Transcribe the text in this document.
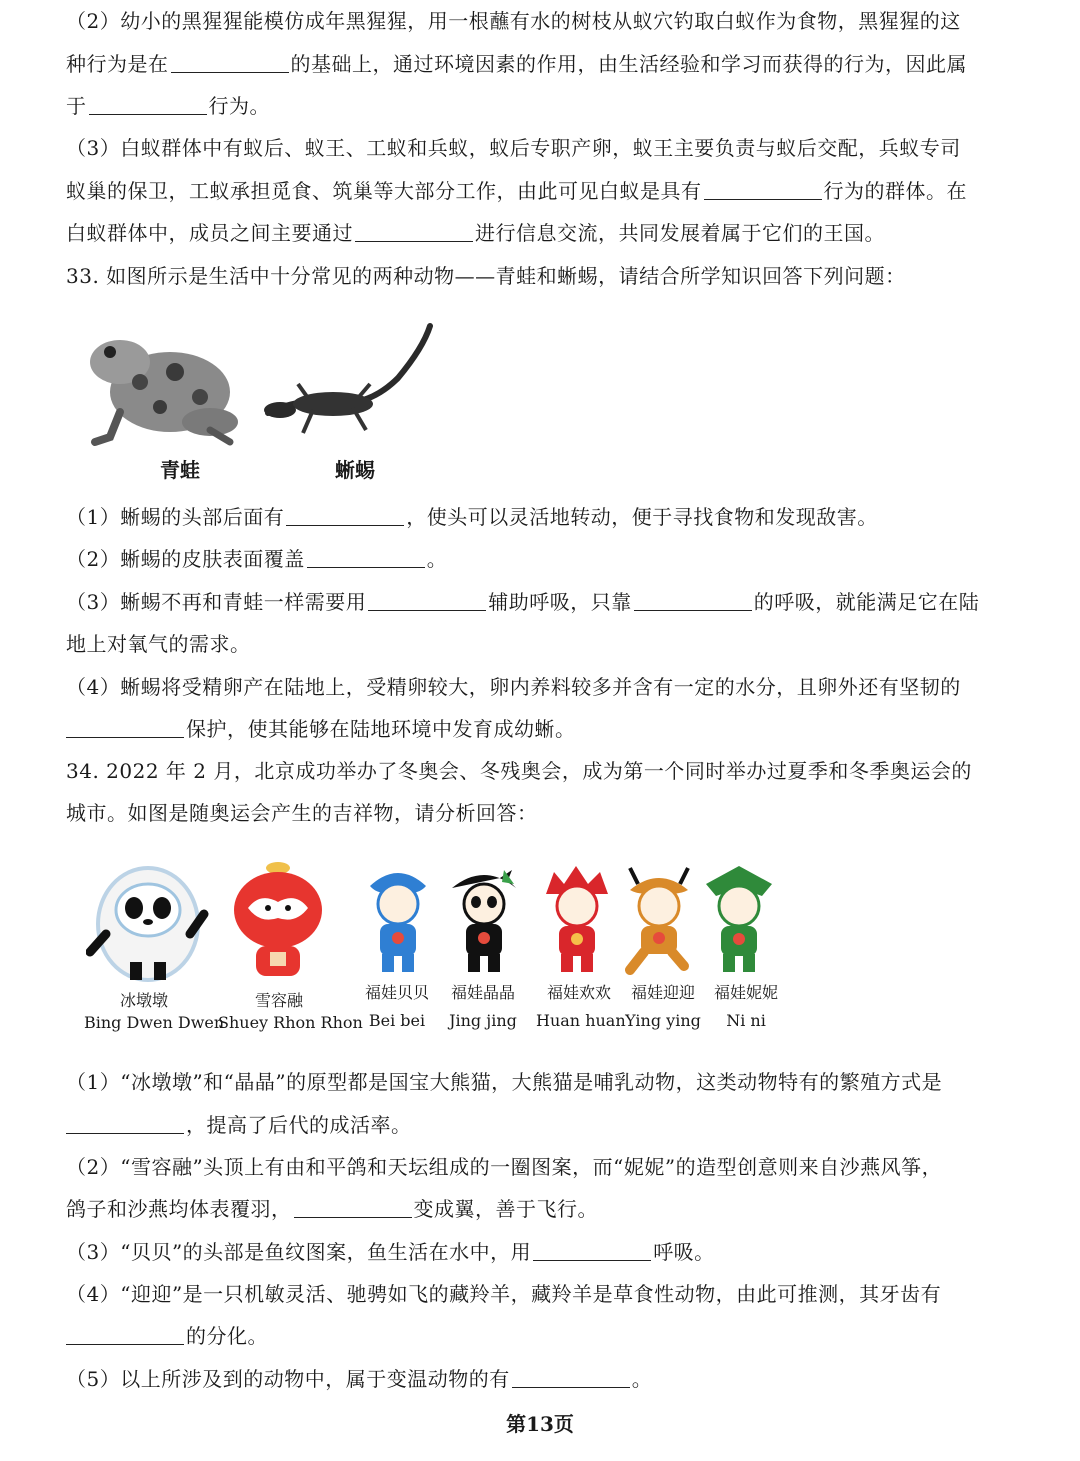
（2）幼小的黑猩猩能模仿成年黑猩猩，用一根蘸有水的树枝从蚁穴钓取白蚁作为食物，黑猩猩的这
种行为是在	的基础上，通过环境因素的作用，由生活经验和学习而获得的行为，因此属
于	行为。
（3）白蚁群体中有蚁后、蚁王、工蚁和兵蚁，蚁后专职产卵，蚁王主要负责与蚁后交配，兵蚁专司
蚁巢的保卫，工蚁承担觅食、筑巢等大部分工作，由此可见白蚁是具有	行为的群体。在
白蚁群体中，成员之间主要通过	进行信息交流，共同发展着属于它们的王国。
33. 如图所示是生活中十分常见的两种动物——青蛙和蜥蜴，请结合所学知识回答下列问题：
青蛙	蜥蜴
（1）蜥蜴的头部后面有	，使头可以灵活地转动，便于寻找食物和发现敌害。
（2）蜥蜴的皮肤表面覆盖	。
（3）蜥蜴不再和青蛙一样需要用	辅助呼吸，只靠	的呼吸，就能满足它在陆
地上对氧气的需求。
（4）蜥蜴将受精卵产在陆地上，受精卵较大，卵内养料较多并含有一定的水分，且卵外还有坚韧的
保护，使其能够在陆地环境中发育成幼蜥。
34. 2022 年 2 月，北京成功举办了冬奥会、冬残奥会，成为第一个同时举办过夏季和冬季奥运会的
城市。如图是随奥运会产生的吉祥物，请分析回答：
冰墩墩
Bing Dwen Dwen
雪容融
Shuey Rhon Rhon
福娃贝贝
Bei bei
福娃晶晶
Jing jing
福娃欢欢
Huan huan
福娃迎迎
Ying ying
福娃妮妮
Ni ni
（1）“冰墩墩”和“晶晶”的原型都是国宝大熊猫，大熊猫是哺乳动物，这类动物特有的繁殖方式是
，提高了后代的成活率。
（2）“雪容融”头顶上有由和平鸽和天坛组成的一圈图案，而“妮妮”的造型创意则来自沙燕风筝，
鸽子和沙燕均体表覆羽，	变成翼，善于飞行。
（3）“贝贝”的头部是鱼纹图案，鱼生活在水中，用	呼吸。
（4）“迎迎”是一只机敏灵活、驰骋如飞的藏羚羊，藏羚羊是草食性动物，由此可推测，其牙齿有
的分化。
（5）以上所涉及到的动物中，属于变温动物的有	。
第13页
